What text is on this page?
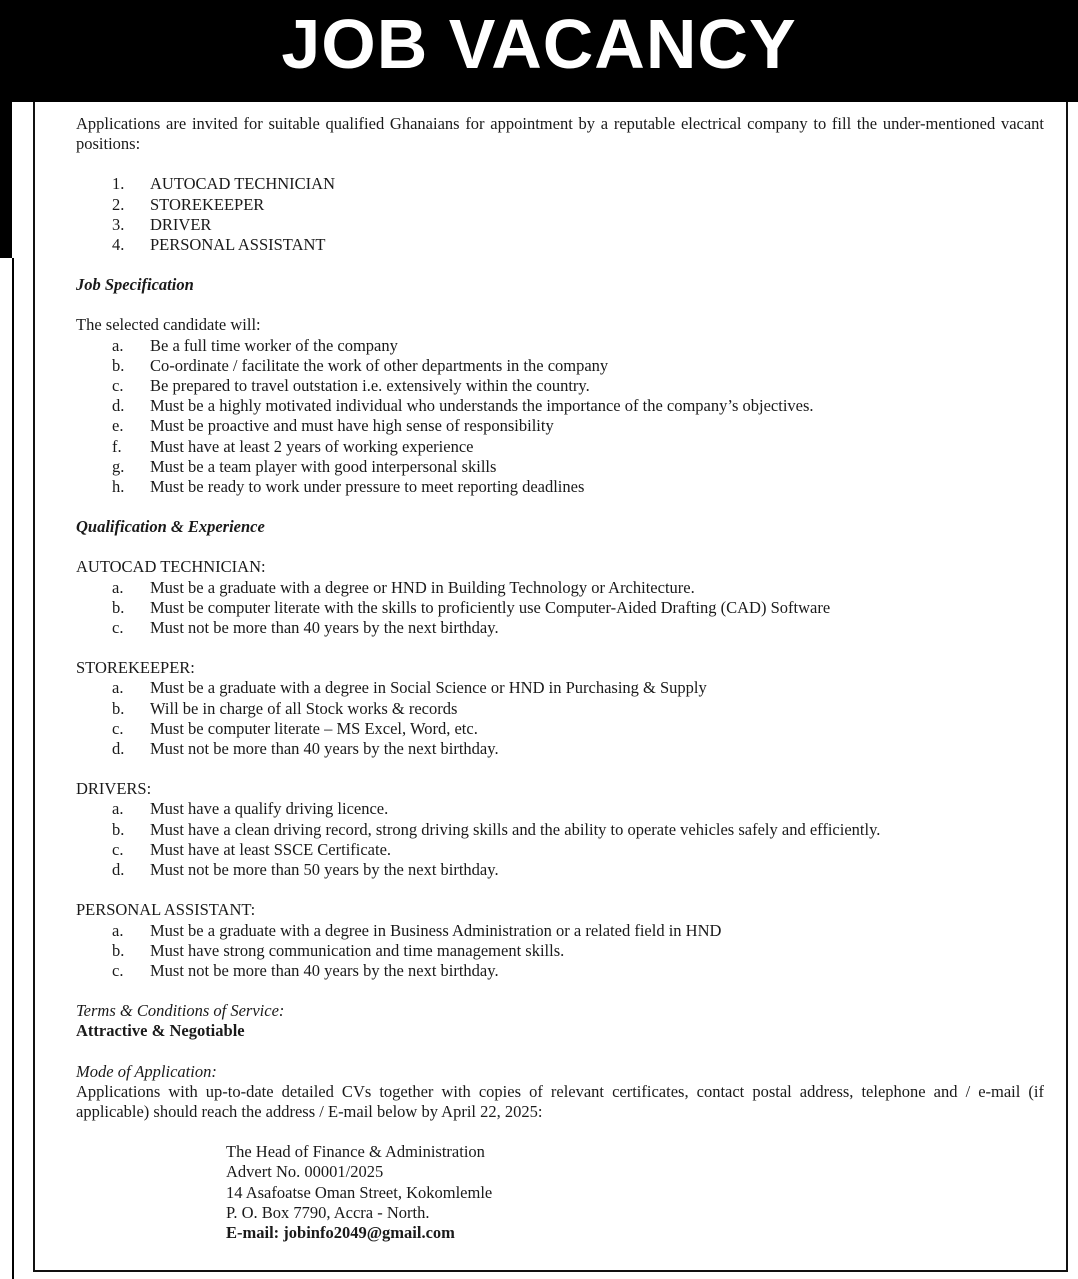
JOB VACANCY

Applications are invited for suitable qualified Ghanaians for appointment by a reputable electrical company to fill the under-mentioned vacant positions:

1. AUTOCAD TECHNICIAN
2. STOREKEEPER
3. DRIVER
4. PERSONAL ASSISTANT

Job Specification

The selected candidate will:

a. Be a full time worker of the company
b. Co-ordinate / facilitate the work of other departments in the company
c. Be prepared to travel outstation i.e. extensively within the country.
d. Must be a highly motivated individual who understands the importance of the company’s objectives.
e. Must be proactive and must have high sense of responsibility
f. Must have at least 2 years of working experience
g. Must be a team player with good interpersonal skills
h. Must be ready to work under pressure to meet reporting deadlines

Qualification & Experience

AUTOCAD TECHNICIAN:

a. Must be a graduate with a degree or HND in Building Technology or Architecture.
b. Must be computer literate with the skills to proficiently use Computer-Aided Drafting (CAD) Software
c. Must not be more than 40 years by the next birthday.

STOREKEEPER:

a. Must be a graduate with a degree in Social Science or HND in Purchasing & Supply
b. Will be in charge of all Stock works & records
c. Must be computer literate – MS Excel, Word, etc.
d. Must not be more than 40 years by the next birthday.

DRIVERS:

a. Must have a qualify driving licence.
b. Must have a clean driving record, strong driving skills and the ability to operate vehicles safely and efficiently.
c. Must have at least SSCE Certificate.
d. Must not be more than 50 years by the next birthday.

PERSONAL ASSISTANT:

a. Must be a graduate with a degree in Business Administration or a related field in HND
b. Must have strong communication and time management skills.
c. Must not be more than 40 years by the next birthday.

Terms & Conditions of Service:

Attractive & Negotiable

Mode of Application:

Applications with up-to-date detailed CVs together with copies of relevant certificates, contact postal address, telephone and / e-mail (if applicable) should reach the address / E-mail below by April 22, 2025:

The Head of Finance & Administration
Advert No. 00001/2025
14 Asafoatse Oman Street, Kokomlemle
P. O. Box 7790, Accra - North.
E-mail: jobinfo2049@gmail.com
